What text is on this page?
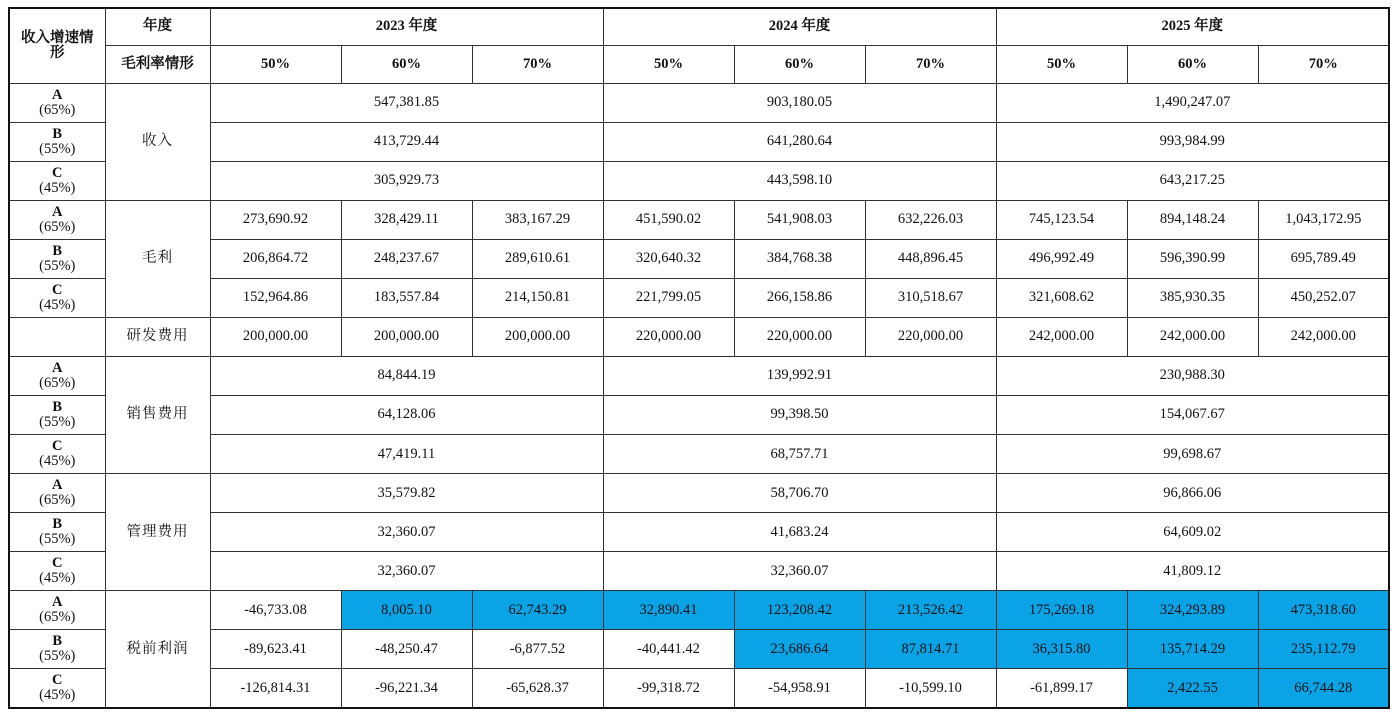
收入增速情形	年度	2023 年度			2024 年度			2025 年度		
	毛利率情形	50%	60%	70%	50%	60%	70%	50%	60%	70%

A
(65%)	收入	547,381.85			903,180.05			1,490,247.07		

B
(55%)		413,729.44			641,280.64			993,984.99		

C
(45%)		305,929.73			443,598.10			643,217.25		

A
(65%)	毛利	273,690.92	328,429.11	383,167.29	451,590.02	541,908.03	632,226.03	745,123.54	894,148.24	1,043,172.95

B
(55%)		206,864.72	248,237.67	289,610.61	320,640.32	384,768.38	448,896.45	496,992.49	596,390.99	695,789.49

C
(45%)		152,964.86	183,557.84	214,150.81	221,799.05	266,158.86	310,518.67	321,608.62	385,930.35	450,252.07
	研发费用	200,000.00	200,000.00	200,000.00	220,000.00	220,000.00	220,000.00	242,000.00	242,000.00	242,000.00

A
(65%)	销售费用	84,844.19			139,992.91			230,988.30		

B
(55%)		64,128.06			99,398.50			154,067.67		

C
(45%)		47,419.11			68,757.71			99,698.67		

A
(65%)	管理费用	35,579.82			58,706.70			96,866.06		

B
(55%)		32,360.07			41,683.24			64,609.02		

C
(45%)		32,360.07			32,360.07			41,809.12		

A
(65%)	税前利润	-46,733.08	8,005.10	62,743.29	32,890.41	123,208.42	213,526.42	175,269.18	324,293.89	473,318.60

B
(55%)		-89,623.41	-48,250.47	-6,877.52	-40,441.42	23,686.64	87,814.71	36,315.80	135,714.29	235,112.79

C
(45%)		-126,814.31	-96,221.34	-65,628.37	-99,318.72	-54,958.91	-10,599.10	-61,899.17	2,422.55	66,744.28
